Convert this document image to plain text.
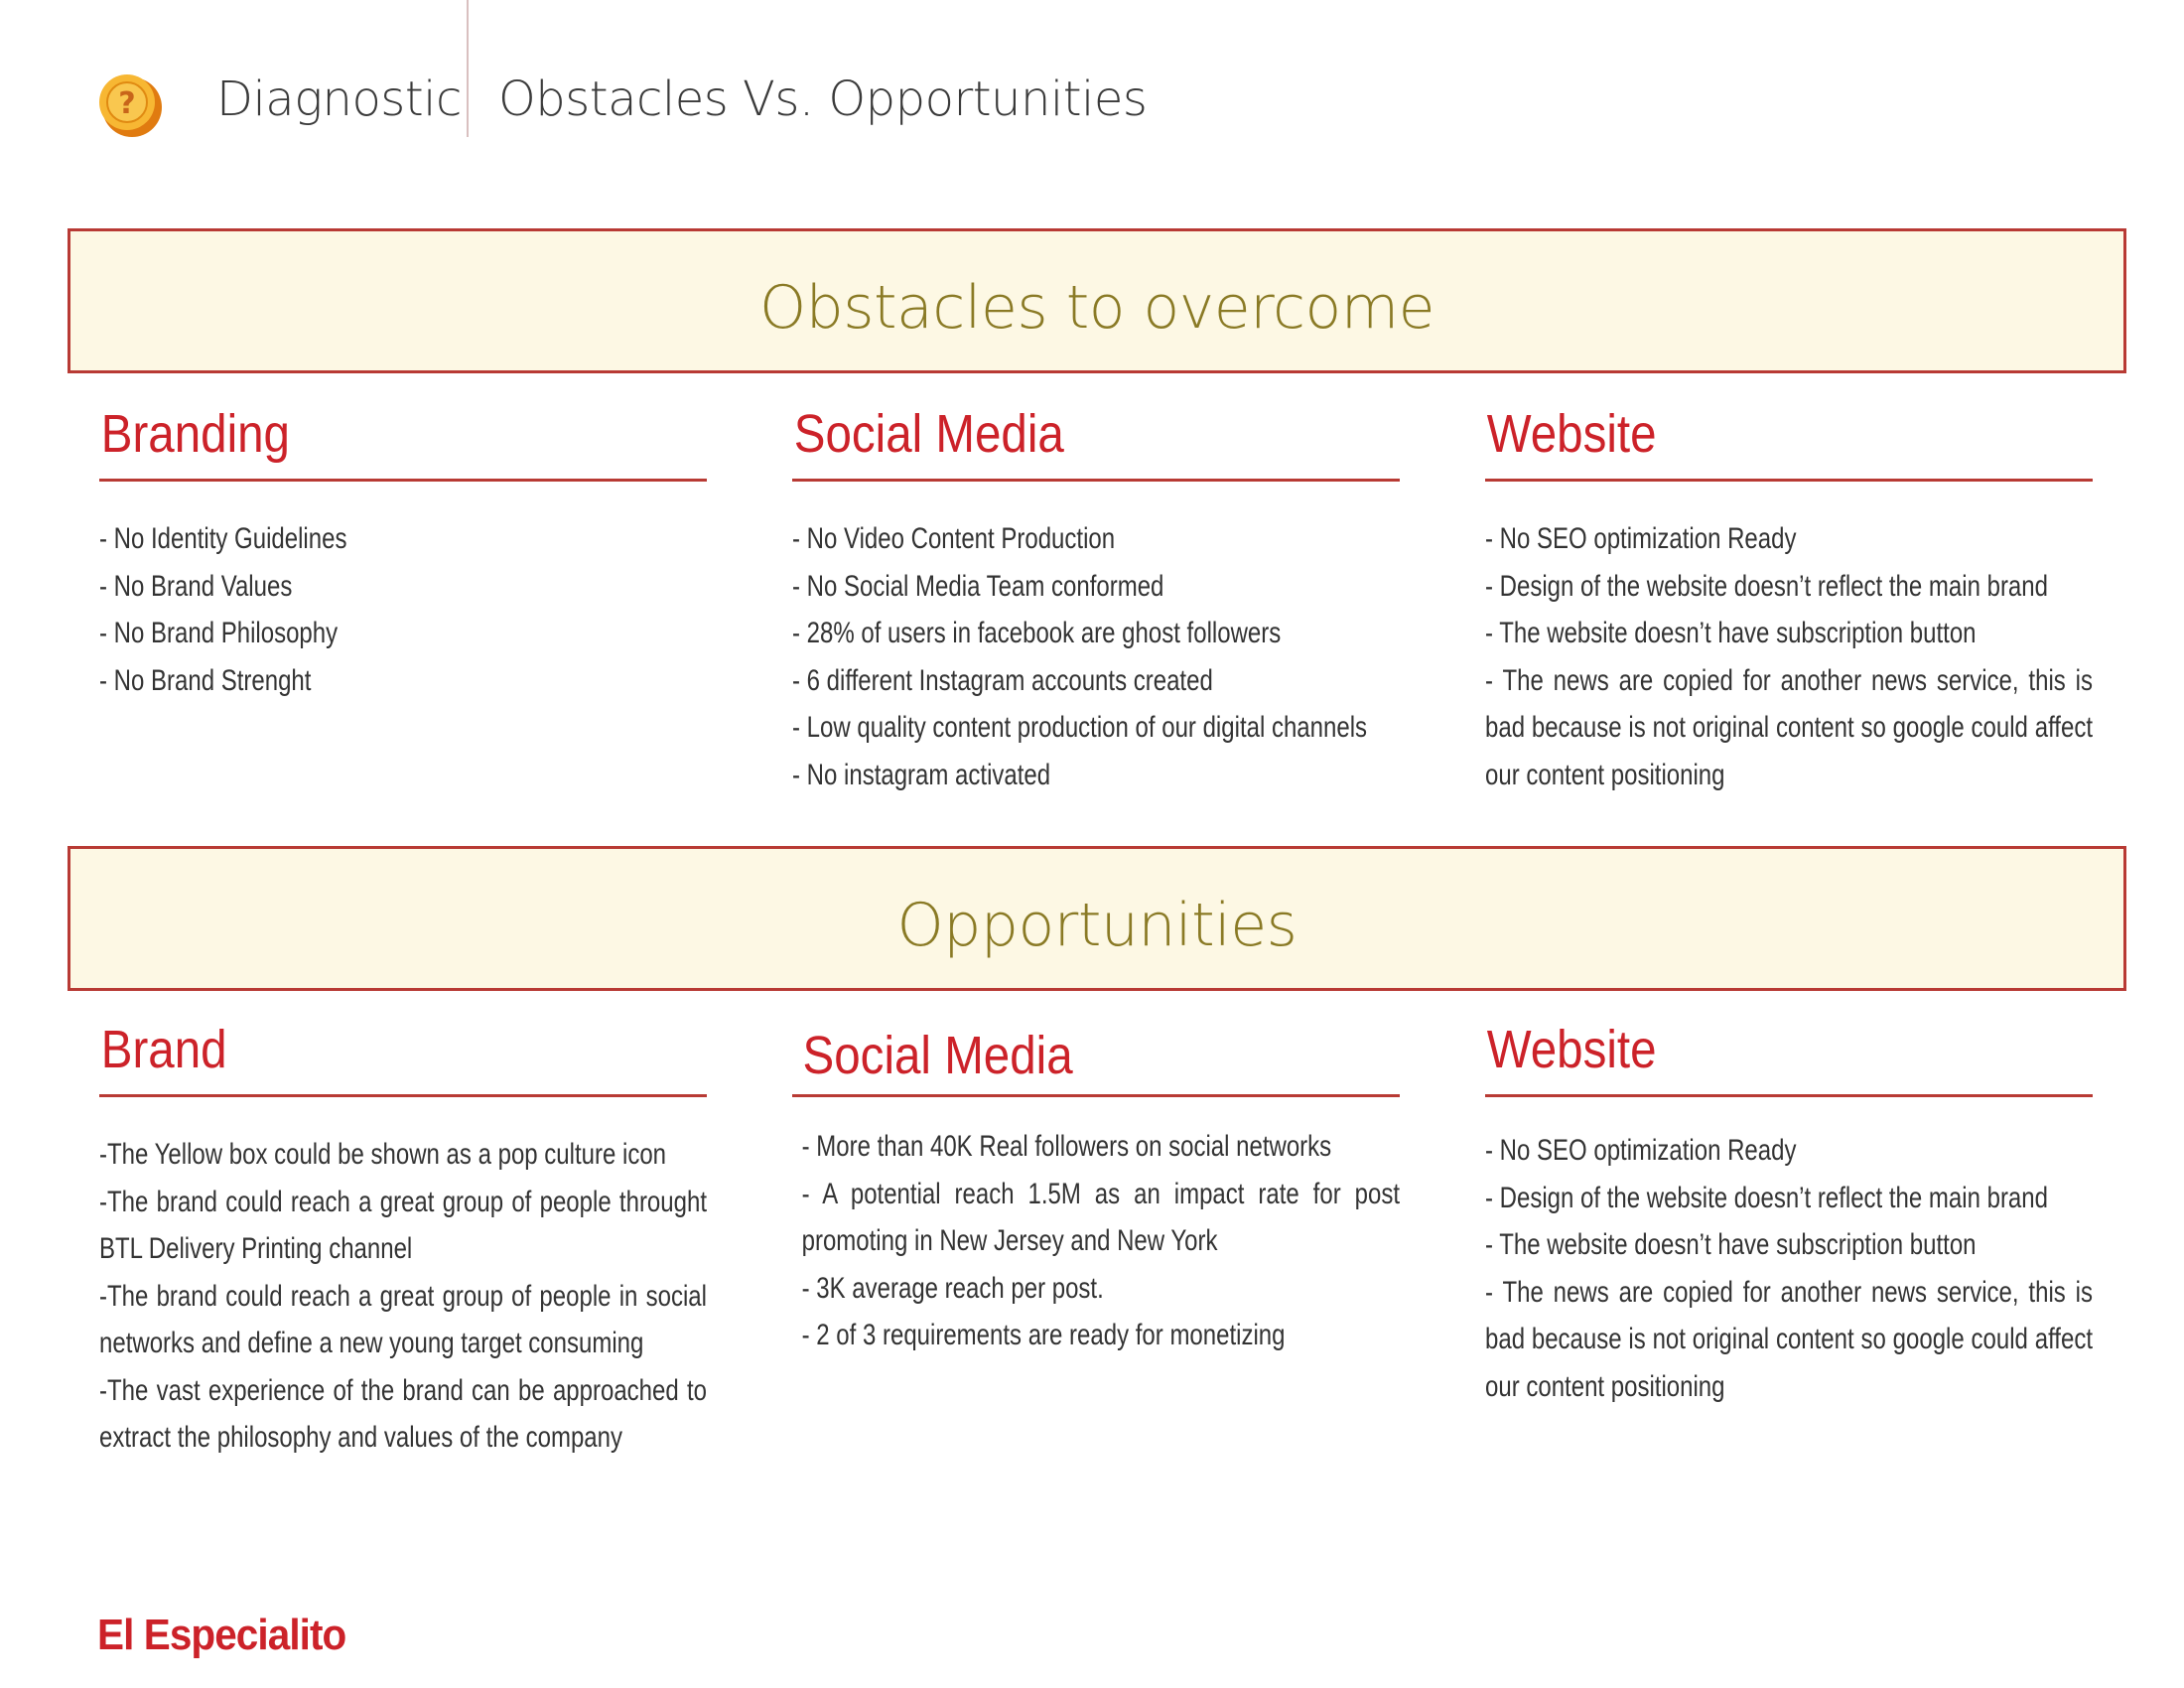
? Diagnostic Obstacles Vs. Opportunities
Obstacles to overcome
Branding
- No Identity Guidelines
- No Brand Values
- No Brand Philosophy
- No Brand Strenght
Social Media
- No Video Content Production
- No Social Media Team conformed
- 28% of users in facebook are ghost followers
- 6 different Instagram accounts created
- Low quality content production of our digital channels
- No instagram activated
Website
- No SEO optimization Ready
- Design of the website doesn’t reflect the main brand
- The website doesn’t have subscription button
- The news are copied for another news service, this is bad because is not original content so google could affect our content positioning
Opportunities
Brand
-The Yellow box could be shown as a pop culture icon
-The brand could reach a great group of people throught BTL Delivery Printing channel
-The brand could reach a great group of people in social networks and define a new young target consuming
-The vast experience of the brand can be approached to extract the philosophy and values of the company
Social Media
- More than 40K Real followers on social networks
- A potential reach 1.5M as an impact rate for post promoting in New Jersey and New York
- 3K average reach per post.
- 2 of 3 requirements are ready for monetizing
Website
- No SEO optimization Ready
- Design of the website doesn’t reflect the main brand
- The website doesn’t have subscription button
- The news are copied for another news service, this is bad because is not original content so google could affect our content positioning
El Especialito
